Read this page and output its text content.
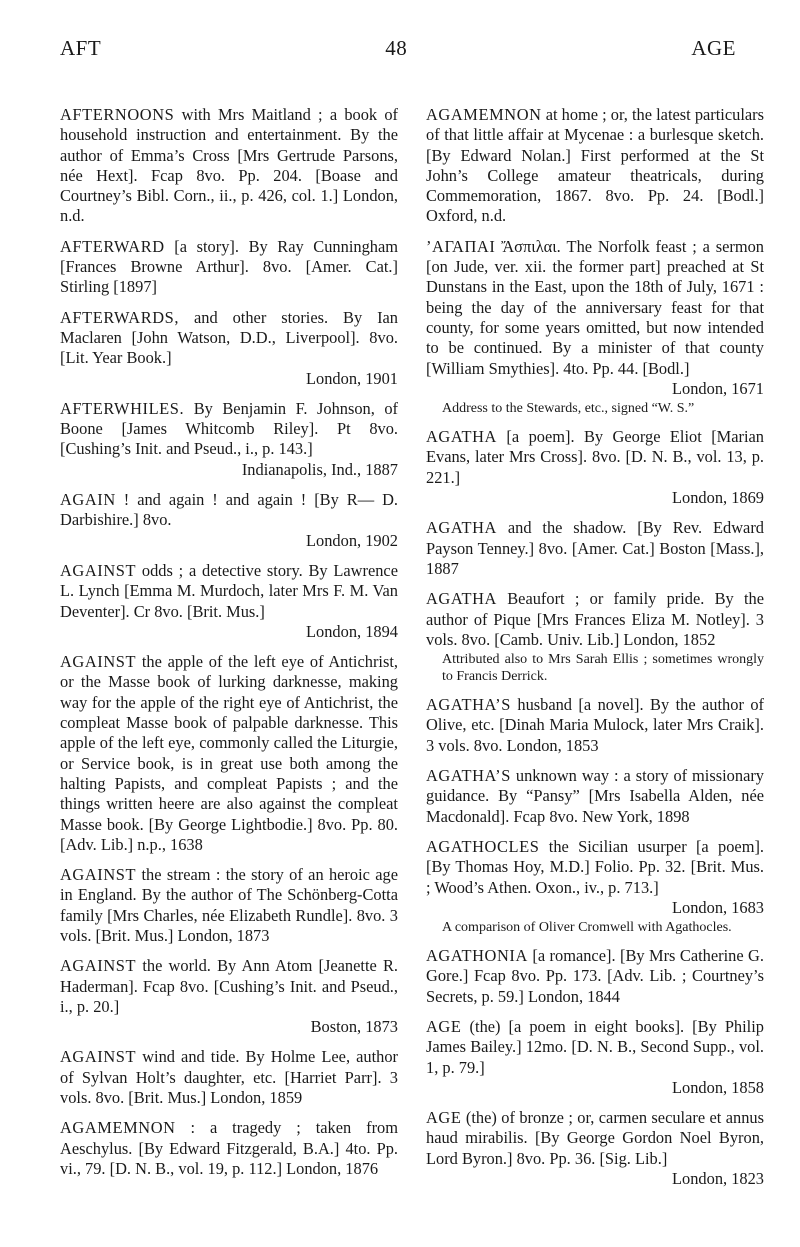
AFT	48	AGE

AFTERNOONS with Mrs Maitland ; a book of household instruction and entertainment. By the author of Emma’s Cross [Mrs Gertrude Parsons, née Hext]. Fcap 8vo. Pp. 204. [Boase and Courtney’s Bibl. Corn., ii., p. 426, col. 1.] London, n.d.

AFTERWARD [a story]. By Ray Cunningham [Frances Browne Arthur]. 8vo. [Amer. Cat.] Stirling [1897]

AFTERWARDS, and other stories. By Ian Maclaren [John Watson, D.D., Liverpool]. 8vo. [Lit. Year Book.]
London, 1901

AFTERWHILES. By Benjamin F. Johnson, of Boone [James Whitcomb Riley]. Pt 8vo. [Cushing’s Init. and Pseud., i., p. 143.]
Indianapolis, Ind., 1887

AGAIN ! and again ! and again ! [By R— D. Darbishire.] 8vo.
London, 1902

AGAINST odds ; a detective story. By Lawrence L. Lynch [Emma M. Murdoch, later Mrs F. M. Van Deventer]. Cr 8vo. [Brit. Mus.]
London, 1894

AGAINST the apple of the left eye of Antichrist, or the Masse book of lurking darknesse, making way for the apple of the right eye of Antichrist, the compleat Masse book of palpable darknesse. This apple of the left eye, commonly called the Liturgie, or Service book, is in great use both among the halting Papists, and compleat Papists ; and the things written heere are also against the compleat Masse book. [By George Lightbodie.] 8vo. Pp. 80. [Adv. Lib.] n.p., 1638

AGAINST the stream : the story of an heroic age in England. By the author of The Schönberg-Cotta family [Mrs Charles, née Elizabeth Rundle]. 8vo. 3 vols. [Brit. Mus.] London, 1873

AGAINST the world. By Ann Atom [Jeanette R. Haderman]. Fcap 8vo. [Cushing’s Init. and Pseud., i., p. 20.]
Boston, 1873

AGAINST wind and tide. By Holme Lee, author of Sylvan Holt’s daughter, etc. [Harriet Parr]. 3 vols. 8vo. [Brit. Mus.] London, 1859

AGAMEMNON : a tragedy ; taken from Aeschylus. [By Edward Fitzgerald, B.A.] 4to. Pp. vi., 79. [D. N. B., vol. 19, p. 112.] London, 1876

AGAMEMNON at home ; or, the latest particulars of that little affair at Mycenae : a burlesque sketch. [By Edward Nolan.] First performed at the St John’s College amateur theatricals, during Commemoration, 1867. 8vo. Pp. 24. [Bodl.] Oxford, n.d.

’ΑΓΑΠΑΙ Ἄσπιλαι. The Norfolk feast ; a sermon [on Jude, ver. xii. the former part] preached at St Dunstans in the East, upon the 18th of July, 1671 : being the day of the anniversary feast for that county, for some years omitted, but now intended to be continued. By a minister of that county [William Smythies]. 4to. Pp. 44. [Bodl.]
London, 1671
Address to the Stewards, etc., signed “W. S.”

AGATHA [a poem]. By George Eliot [Marian Evans, later Mrs Cross]. 8vo. [D. N. B., vol. 13, p. 221.]
London, 1869

AGATHA and the shadow. [By Rev. Edward Payson Tenney.] 8vo. [Amer. Cat.] Boston [Mass.], 1887

AGATHA Beaufort ; or family pride. By the author of Pique [Mrs Frances Eliza M. Notley]. 3 vols. 8vo. [Camb. Univ. Lib.] London, 1852
Attributed also to Mrs Sarah Ellis ; sometimes wrongly to Francis Derrick.

AGATHA’S husband [a novel]. By the author of Olive, etc. [Dinah Maria Mulock, later Mrs Craik]. 3 vols. 8vo. London, 1853

AGATHA’S unknown way : a story of missionary guidance. By “Pansy” [Mrs Isabella Alden, née Macdonald]. Fcap 8vo. New York, 1898

AGATHOCLES the Sicilian usurper [a poem]. [By Thomas Hoy, M.D.] Folio. Pp. 32. [Brit. Mus. ; Wood’s Athen. Oxon., iv., p. 713.]
London, 1683
A comparison of Oliver Cromwell with Agathocles.

AGATHONIA [a romance]. [By Mrs Catherine G. Gore.] Fcap 8vo. Pp. 173. [Adv. Lib. ; Courtney’s Secrets, p. 59.] London, 1844

AGE (the) [a poem in eight books]. [By Philip James Bailey.] 12mo. [D. N. B., Second Supp., vol. 1, p. 79.]
London, 1858

AGE (the) of bronze ; or, carmen seculare et annus haud mirabilis. [By George Gordon Noel Byron, Lord Byron.] 8vo. Pp. 36. [Sig. Lib.]
London, 1823
